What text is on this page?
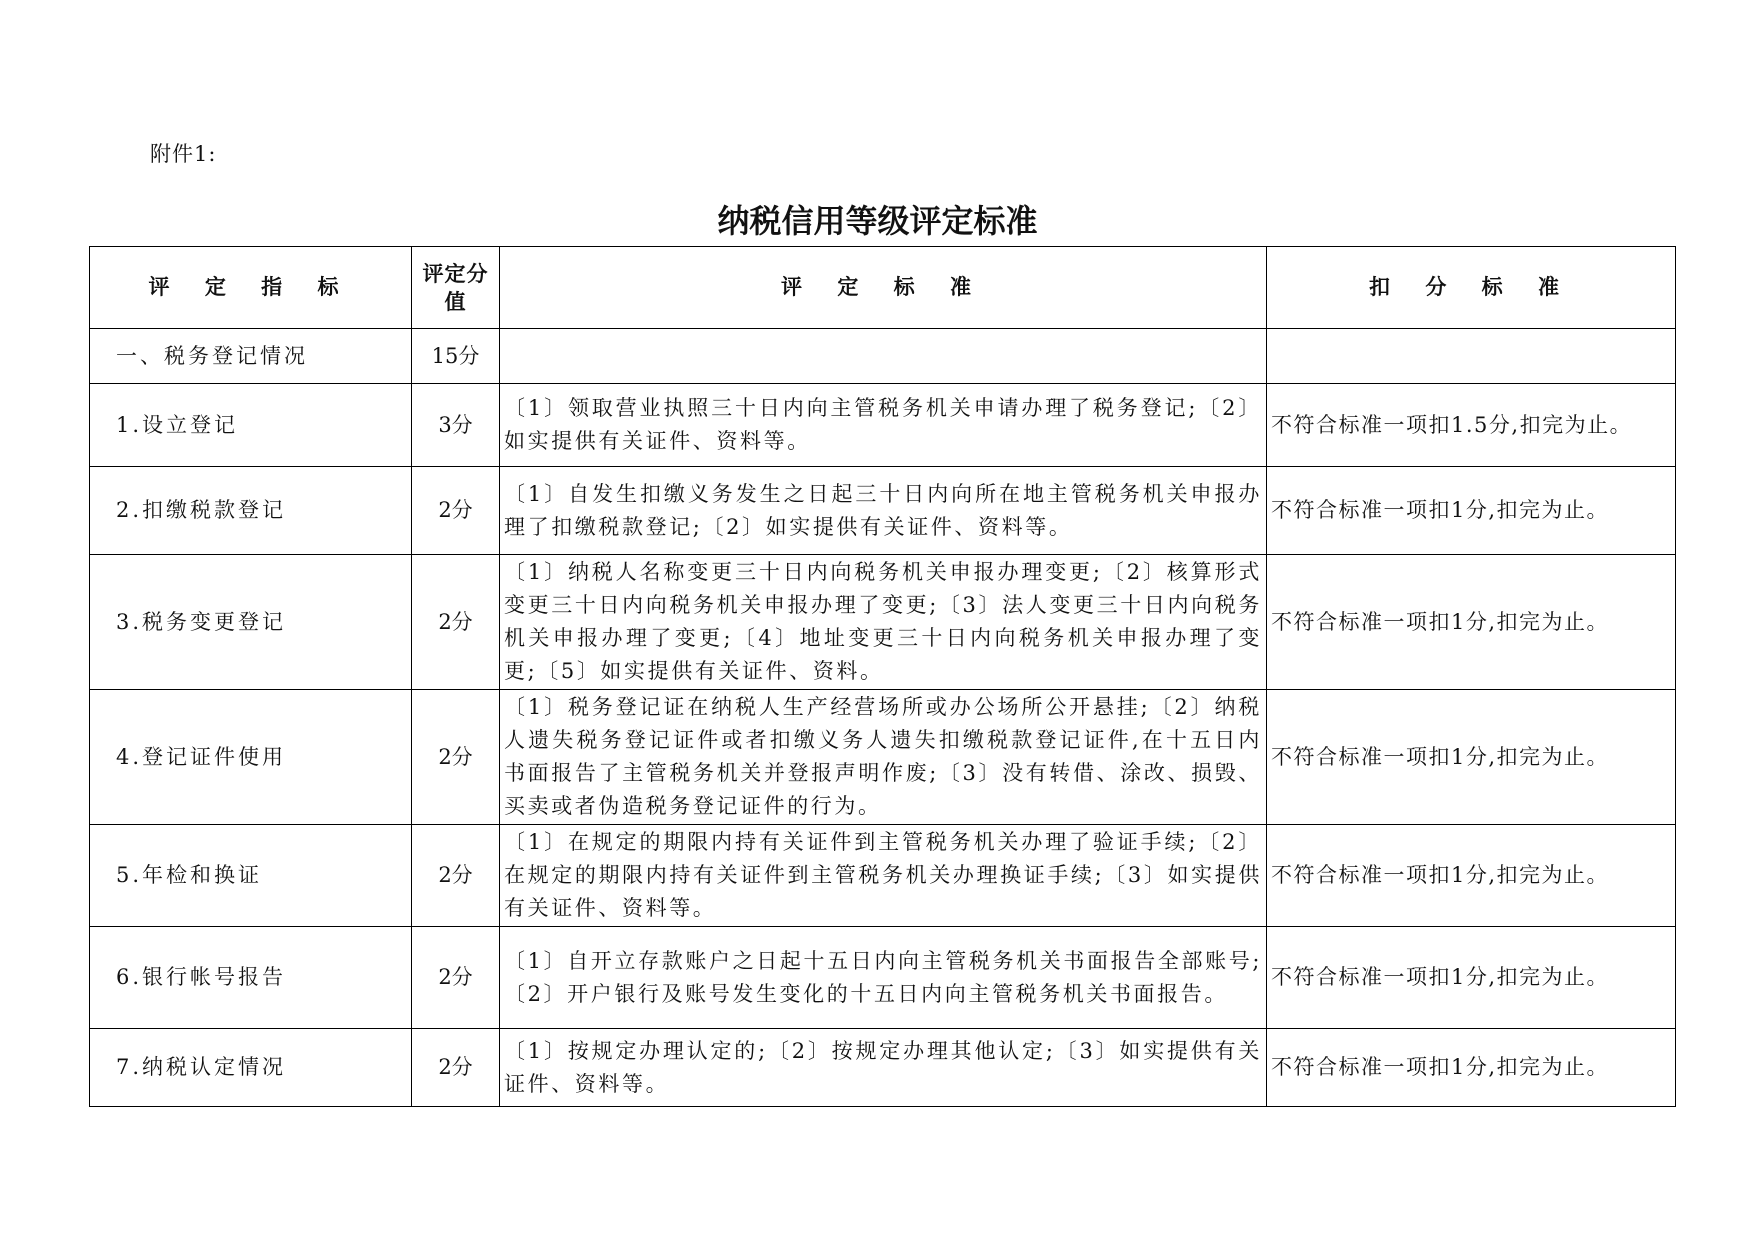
附件1:
纳税信用等级评定标准
评 定 指 标	评定分值	评 定 标 准	扣 分 标 准
一、税务登记情况	15分		
1.设立登记	3分	〔1〕领取营业执照三十日内向主管税务机关申请办理了税务登记;〔2〕如实提供有关证件、资料等。	不符合标准一项扣1.5分,扣完为止。
2.扣缴税款登记	2分	〔1〕自发生扣缴义务发生之日起三十日内向所在地主管税务机关申报办理了扣缴税款登记;〔2〕如实提供有关证件、资料等。	不符合标准一项扣1分,扣完为止。
3.税务变更登记	2分	〔1〕纳税人名称变更三十日内向税务机关申报办理变更;〔2〕核算形式变更三十日内向税务机关申报办理了变更;〔3〕法人变更三十日内向税务机关申报办理了变更;〔4〕地址变更三十日内向税务机关申报办理了变更;〔5〕如实提供有关证件、资料。	不符合标准一项扣1分,扣完为止。
4.登记证件使用	2分	〔1〕税务登记证在纳税人生产经营场所或办公场所公开悬挂;〔2〕纳税人遗失税务登记证件或者扣缴义务人遗失扣缴税款登记证件,在十五日内书面报告了主管税务机关并登报声明作废;〔3〕没有转借、涂改、损毁、买卖或者伪造税务登记证件的行为。	不符合标准一项扣1分,扣完为止。
5.年检和换证	2分	〔1〕在规定的期限内持有关证件到主管税务机关办理了验证手续;〔2〕在规定的期限内持有关证件到主管税务机关办理换证手续;〔3〕如实提供有关证件、资料等。	不符合标准一项扣1分,扣完为止。
6.银行帐号报告	2分	〔1〕自开立存款账户之日起十五日内向主管税务机关书面报告全部账号;〔2〕开户银行及账号发生变化的十五日内向主管税务机关书面报告。	不符合标准一项扣1分,扣完为止。
7.纳税认定情况	2分	〔1〕按规定办理认定的;〔2〕按规定办理其他认定;〔3〕如实提供有关证件、资料等。	不符合标准一项扣1分,扣完为止。
